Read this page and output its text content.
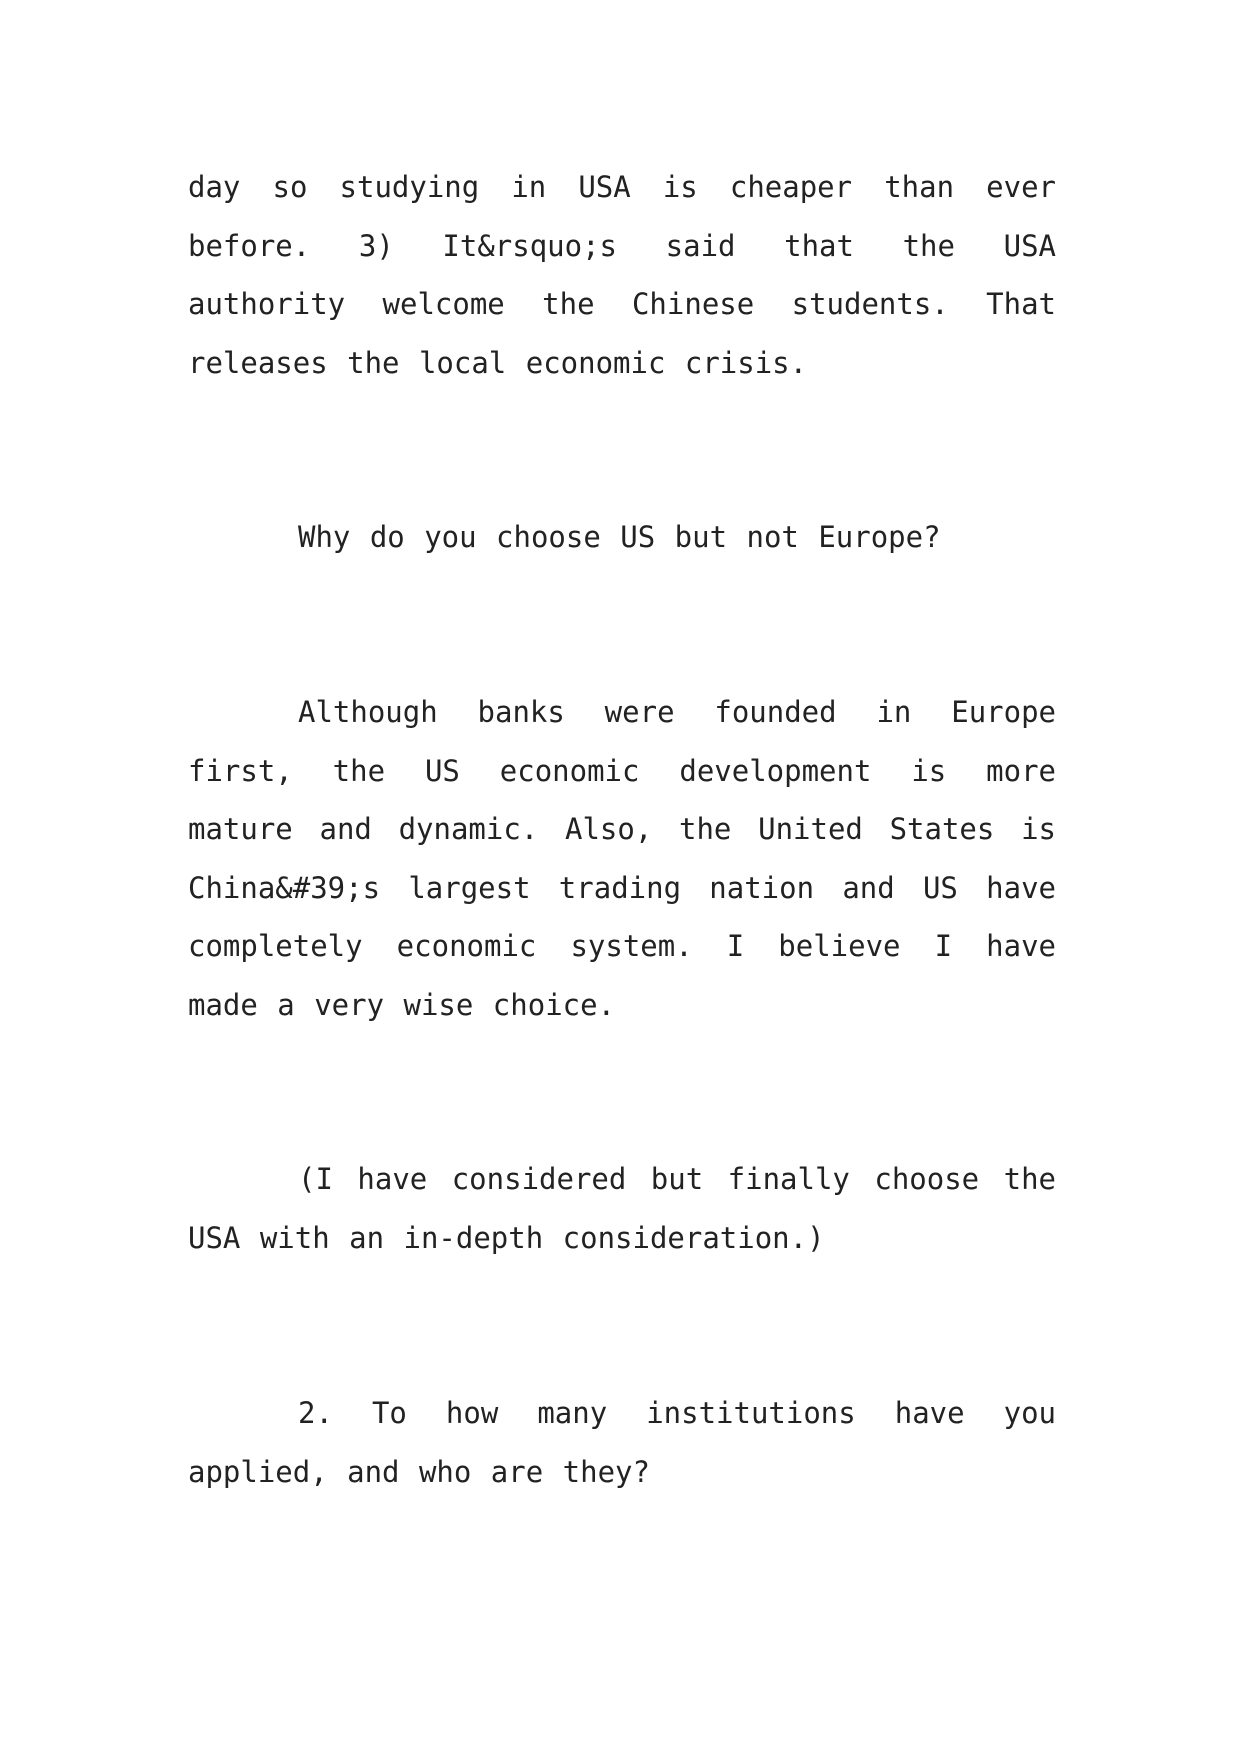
day so studying in USA is cheaper than ever before. 3) It&rsquo;s said that the USA authority welcome the Chinese students. That releases the local economic crisis.

Why do you choose US but not Europe?

Although banks were founded in Europe first, the US economic development is more mature and dynamic. Also, the United States is China&#39;s largest trading nation and US have completely economic system. I believe I have made a very wise choice.

(I have considered but finally choose the USA with an in-depth consideration.)

2. To how many institutions have you applied, and who are they?
